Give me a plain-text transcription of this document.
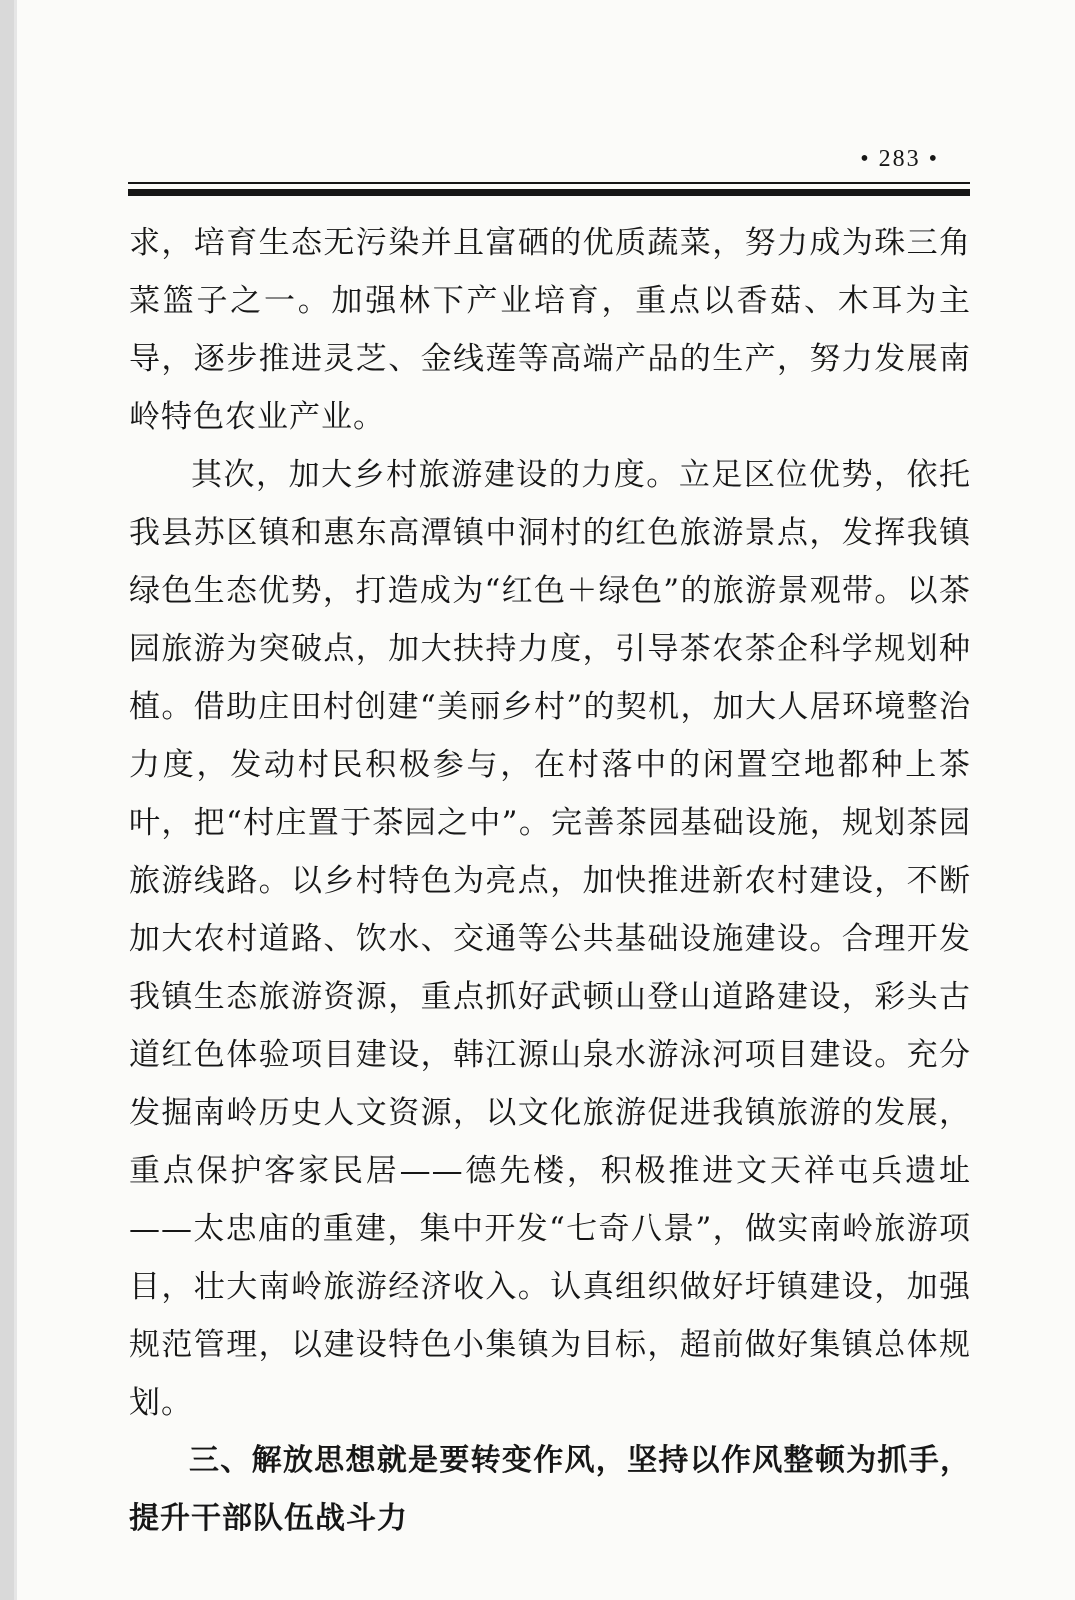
• 283 •

求，培育生态无污染并且富硒的优质蔬菜，努力成为珠三角菜篮子之一。加强林下产业培育，重点以香菇、木耳为主导，逐步推进灵芝、金线莲等高端产品的生产，努力发展南岭特色农业产业。

其次，加大乡村旅游建设的力度。立足区位优势，依托我县苏区镇和惠东高潭镇中洞村的红色旅游景点，发挥我镇绿色生态优势，打造成为“红色＋绿色”的旅游景观带。以茶园旅游为突破点，加大扶持力度，引导茶农茶企科学规划种植。借助庄田村创建“美丽乡村”的契机，加大人居环境整治力度，发动村民积极参与，在村落中的闲置空地都种上茶叶，把“村庄置于茶园之中”。完善茶园基础设施，规划茶园旅游线路。以乡村特色为亮点，加快推进新农村建设，不断加大农村道路、饮水、交通等公共基础设施建设。合理开发我镇生态旅游资源，重点抓好武顿山登山道路建设，彩头古道红色体验项目建设，韩江源山泉水游泳河项目建设。充分发掘南岭历史人文资源，以文化旅游促进我镇旅游的发展，重点保护客家民居——德先楼，积极推进文天祥屯兵遗址——太忠庙的重建，集中开发“七奇八景”，做实南岭旅游项目，壮大南岭旅游经济收入。认真组织做好圩镇建设，加强规范管理，以建设特色小集镇为目标，超前做好集镇总体规划。

三、解放思想就是要转变作风，坚持以作风整顿为抓手，提升干部队伍战斗力
